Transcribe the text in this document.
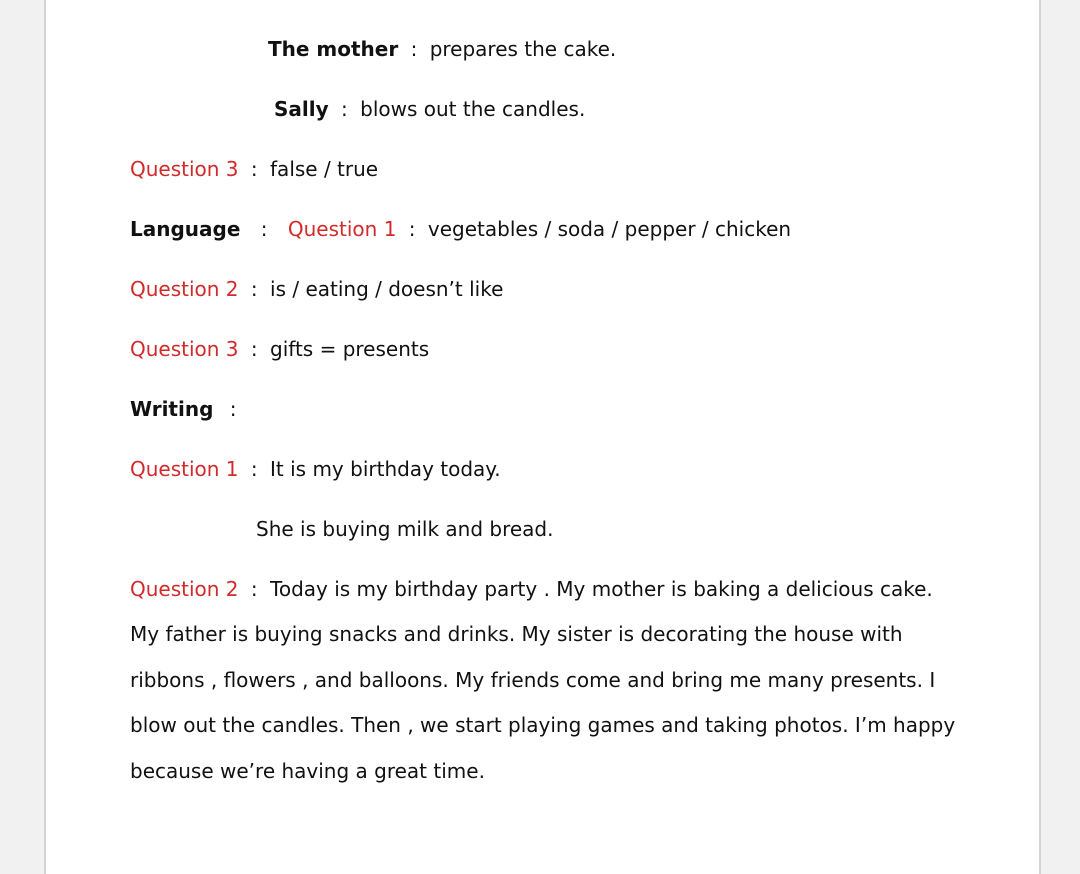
The mother : prepares the cake.
Sally : blows out the candles.
Question 3 : false / true
Language : Question 1 : vegetables / soda / pepper / chicken
Question 2 : is / eating / doesn’t like
Question 3 : gifts = presents
Writing :
Question 1 : It is my birthday today.
She is buying milk and bread.
Question 2 : Today is my birthday party . My mother is baking a delicious cake.
My father is buying snacks and drinks. My sister is decorating the house with
ribbons , flowers , and balloons. My friends come and bring me many presents. I
blow out the candles. Then , we start playing games and taking photos. I’m happy
because we’re having a great time.
